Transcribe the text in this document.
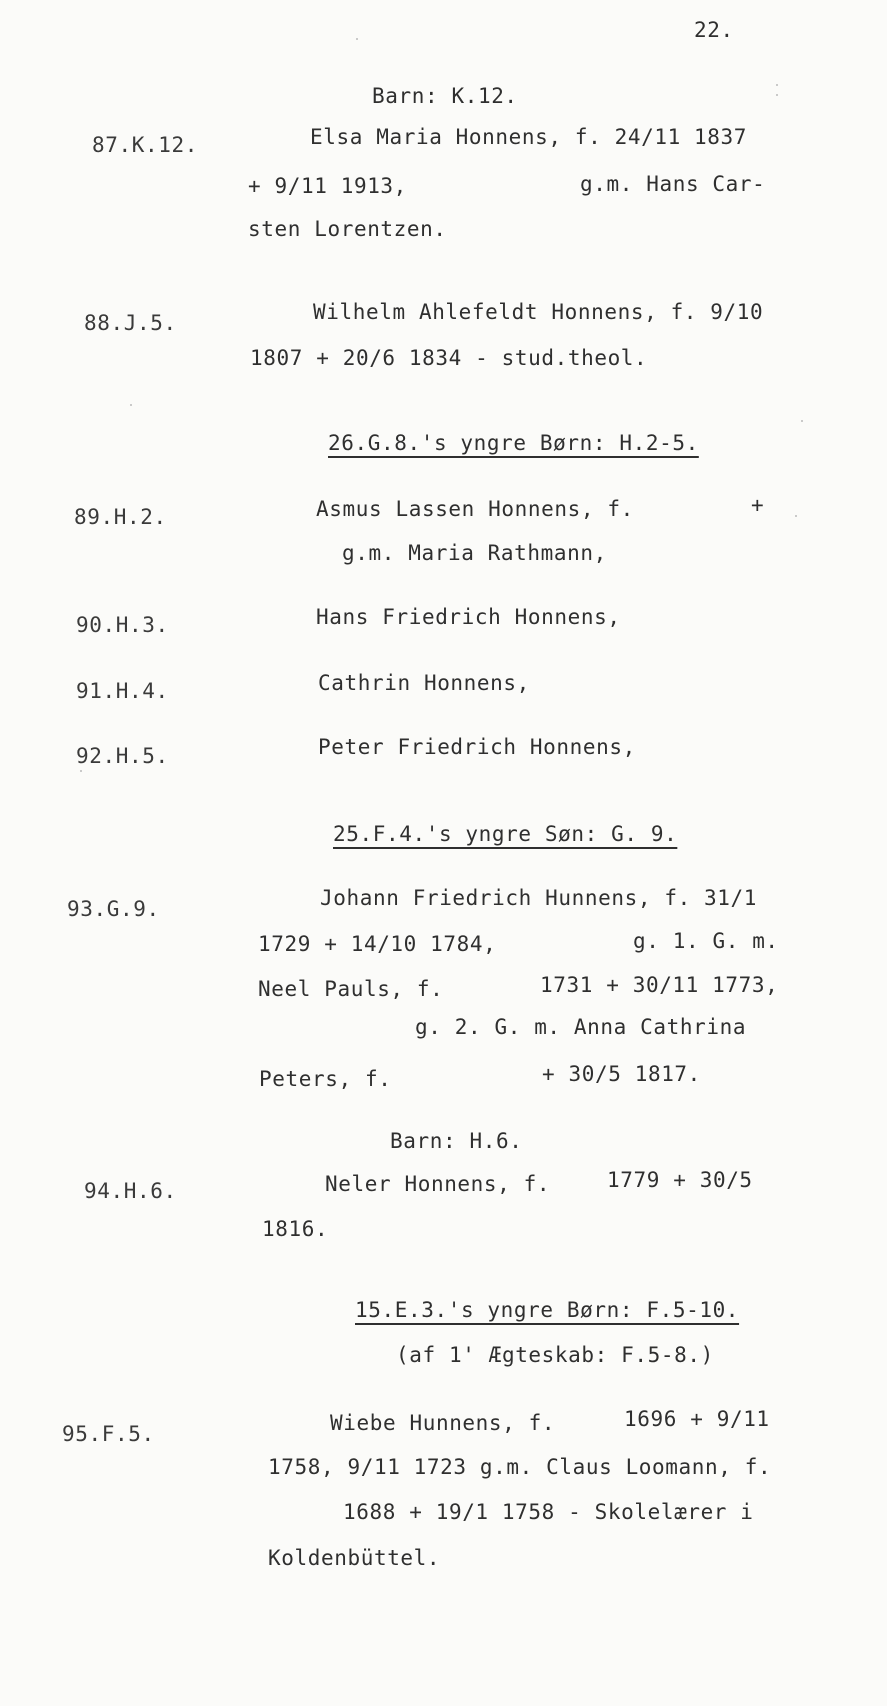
22.
Barn: K.12.
87.K.12.	Elsa Maria Honnens, f. 24/11 1837
+ 9/11 1913,	g.m. Hans Car-
sten Lorentzen.
88.J.5.	Wilhelm Ahlefeldt Honnens, f. 9/10
1807 + 20/6 1834 - stud.theol.
26.G.8.'s yngre Børn: H.2-5.
89.H.2.	Asmus Lassen Honnens, f.	+
g.m. Maria Rathmann,
90.H.3.	Hans Friedrich Honnens,
91.H.4.	Cathrin Honnens,
92.H.5.	Peter Friedrich Honnens,
25.F.4.'s yngre Søn: G. 9.
93.G.9.	Johann Friedrich Hunnens, f. 31/1
1729 + 14/10 1784,	g. 1. G. m.
Neel Pauls, f.	1731 + 30/11 1773,
g. 2. G. m. Anna Cathrina
Peters, f.	+ 30/5 1817.
Barn: H.6.
94.H.6.	Neler Honnens, f.	1779 + 30/5
1816.
15.E.3.'s yngre Børn: F.5-10.
(af 1' Ægteskab: F.5-8.)
95.F.5.	Wiebe Hunnens, f.	1696 + 9/11
1758, 9/11 1723 g.m. Claus Loomann, f.
1688 + 19/1 1758 - Skolelærer i
Koldenbüttel.
